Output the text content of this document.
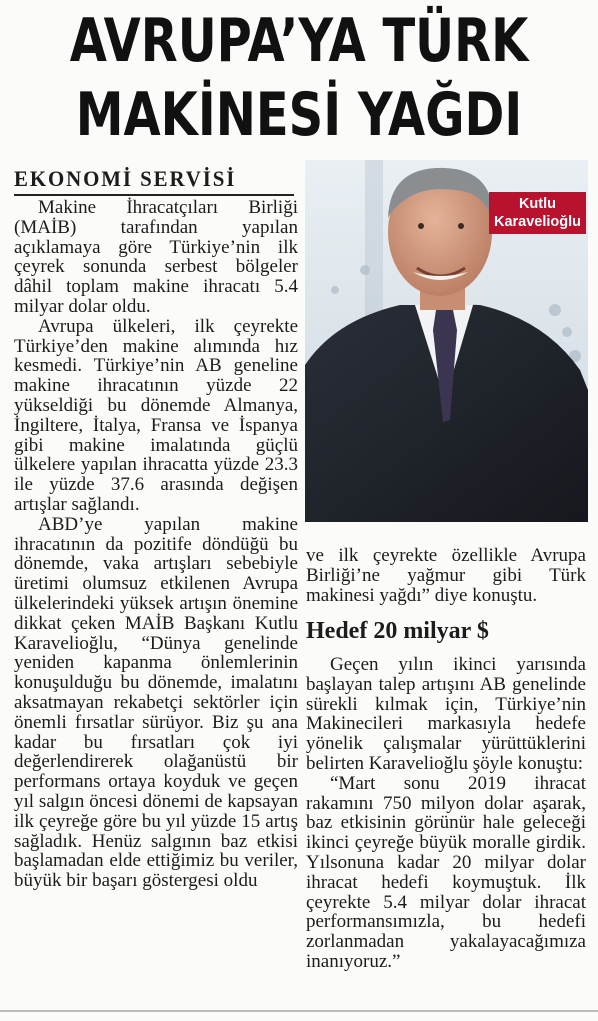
AVRUPA’YA TÜRK
MAKİNESİ YAĞDI
EKONOMİ SERVİSİ

Makine İhracatçıları Birliği (MAİB) tarafından yapılan açıklamaya göre Türkiye’nin ilk çeyrek sonunda serbest bölgeler dâhil toplam makine ihracatı 5.4 milyar dolar oldu.

Avrupa ülkeleri, ilk çeyrekte Türkiye’den makine alımında hız kesmedi. Türkiye’nin AB geneline makine ihracatının yüzde 22 yükseldiği bu dönemde Almanya, İngiltere, İtalya, Fransa ve İspanya gibi makine imalatında güçlü ülkelere yapılan ihracatta yüzde 23.3 ile yüzde 37.6 arasında değişen artışlar sağlandı.

ABD’ye yapılan makine ihracatının da pozitife döndüğü bu dönemde, vaka artışları sebebiyle üretimi olumsuz etkilenen Avrupa ülkelerindeki yüksek artışın önemine dikkat çeken MAİB Başkanı Kutlu Karavelioğlu, “Dünya genelinde yeniden kapanma önlemlerinin konuşulduğu bu dönemde, imalatını aksatmayan rekabetçi sektörler için önemli fırsatlar sürüyor. Biz şu ana kadar bu fırsatları çok iyi değerlendirerek olağanüstü bir performans ortaya koyduk ve geçen yıl salgın öncesi dönemi de kapsayan ilk çeyreğe göre bu yıl yüzde 15 artış sağladık. Henüz salgının baz etkisi başlamadan elde ettiğimiz bu veriler, büyük bir başarı göstergesi oldu

Kutlu
Karavelioğlu

ve ilk çeyrekte özellikle Avrupa Birliği’ne yağmur gibi Türk makinesi yağdı” diye konuştu.

Hedef 20 milyar $

Geçen yılın ikinci yarısında başlayan talep artışını AB genelinde sürekli kılmak için, Türkiye’nin Makinecileri markasıyla hedefe yönelik çalışmalar yürüttüklerini belirten Karavelioğlu şöyle konuştu:

“Mart sonu 2019 ihracat rakamını 750 milyon dolar aşarak, baz etkisinin görünür hale geleceği ikinci çeyreğe büyük moralle girdik. Yılsonuna kadar 20 milyar dolar ihracat hedefi koymuştuk. İlk çeyrekte 5.4 milyar dolar ihracat performansımızla, bu hedefi zorlanmadan yakalayacağımıza inanıyoruz.”
